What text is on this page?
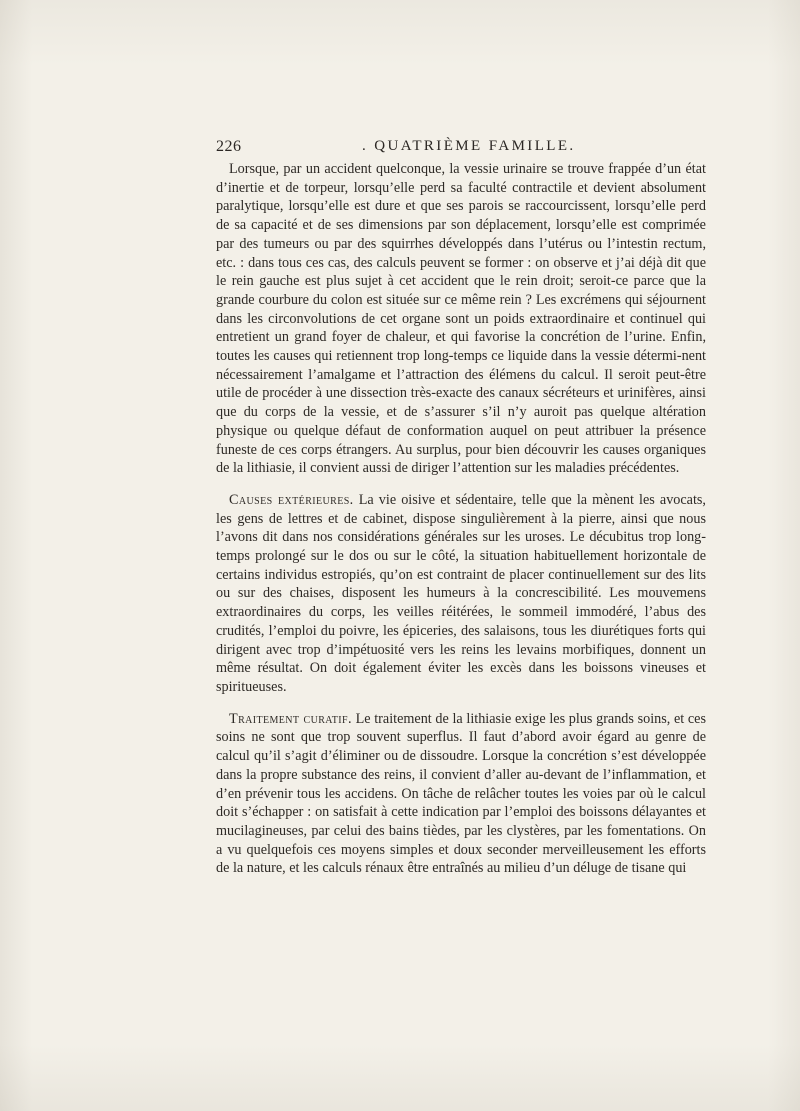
226	. QUATRIÈME FAMILLE.

Lorsque, par un accident quelconque, la vessie urinaire se trouve frappée d’un état d’inertie et de torpeur, lorsqu’elle perd sa faculté contractile et devient absolument paralytique, lorsqu’elle est dure et que ses parois se raccourcissent, lorsqu’elle perd de sa capacité et de ses dimensions par son déplacement, lorsqu’elle est comprimée par des tumeurs ou par des squirrhes développés dans l’utérus ou l’intestin rectum, etc. : dans tous ces cas, des calculs peuvent se former : on observe et j’ai déjà dit que le rein gauche est plus sujet à cet accident que le rein droit; seroit-ce parce que la grande courbure du colon est située sur ce même rein ? Les excrémens qui séjournent dans les circonvolutions de cet organe sont un poids extraordinaire et continuel qui entretient un grand foyer de chaleur, et qui favorise la concrétion de l’urine. Enfin, toutes les causes qui retiennent trop long-temps ce liquide dans la vessie détermi-nent nécessairement l’amalgame et l’attraction des élémens du calcul. Il seroit peut-être utile de procéder à une dissection très-exacte des canaux sécréteurs et urinifères, ainsi que du corps de la vessie, et de s’assurer s’il n’y auroit pas quelque altération physique ou quelque défaut de conformation auquel on peut attribuer la présence funeste de ces corps étrangers. Au surplus, pour bien découvrir les causes organiques de la lithiasie, il convient aussi de diriger l’attention sur les maladies précédentes.

Causes extérieures. La vie oisive et sédentaire, telle que la mènent les avocats, les gens de lettres et de cabinet, dispose singulièrement à la pierre, ainsi que nous l’avons dit dans nos considérations générales sur les uroses. Le décubitus trop long-temps prolongé sur le dos ou sur le côté, la situation habituellement horizontale de certains individus estropiés, qu’on est contraint de placer continuellement sur des lits ou sur des chaises, disposent les humeurs à la concrescibilité. Les mouvemens extraordinaires du corps, les veilles réitérées, le sommeil immodéré, l’abus des crudités, l’emploi du poivre, les épiceries, des salaisons, tous les diurétiques forts qui dirigent avec trop d’impétuosité vers les reins les levains morbifiques, donnent un même résultat. On doit également éviter les excès dans les boissons vineuses et spiritueuses.

Traitement curatif. Le traitement de la lithiasie exige les plus grands soins, et ces soins ne sont que trop souvent superflus. Il faut d’abord avoir égard au genre de calcul qu’il s’agit d’éliminer ou de dissoudre. Lorsque la concrétion s’est développée dans la propre substance des reins, il convient d’aller au-devant de l’inflammation, et d’en prévenir tous les accidens. On tâche de relâcher toutes les voies par où le calcul doit s’échapper : on satisfait à cette indication par l’emploi des boissons délayantes et mucilagineuses, par celui des bains tièdes, par les clystères, par les fomentations. On a vu quelquefois ces moyens simples et doux seconder merveilleusement les efforts de la nature, et les calculs rénaux être entraînés au milieu d’un déluge de tisane qui
